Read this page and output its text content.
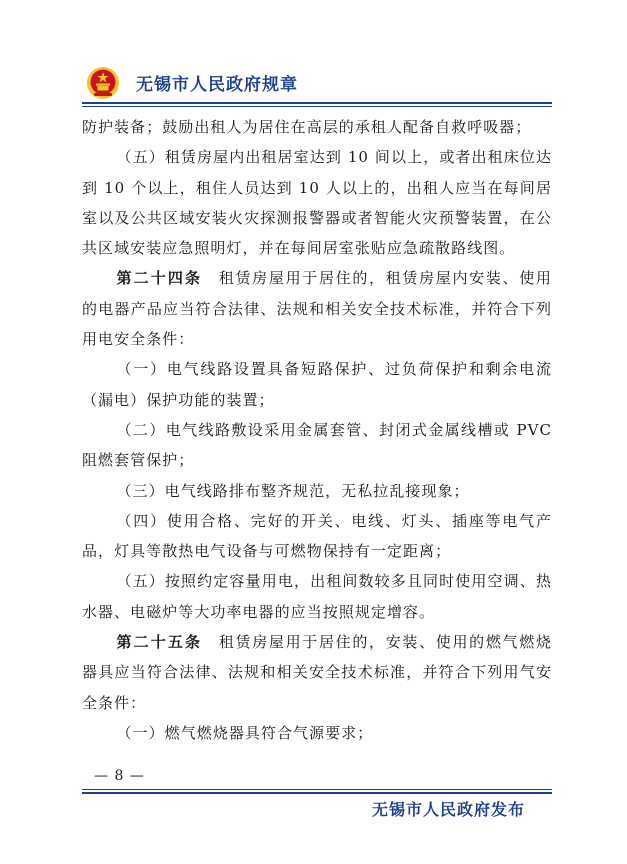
无锡市人民政府规章

防护装备；鼓励出租人为居住在高层的承租人配备自救呼吸器；

（五）租赁房屋内出租居室达到 10 间以上，或者出租床位达到 10 个以上，租住人员达到 10 人以上的，出租人应当在每间居室以及公共区域安装火灾探测报警器或者智能火灾预警装置，在公共区域安装应急照明灯，并在每间居室张贴应急疏散路线图。

第二十四条　租赁房屋用于居住的，租赁房屋内安装、使用的电器产品应当符合法律、法规和相关安全技术标准，并符合下列用电安全条件：

（一）电气线路设置具备短路保护、过负荷保护和剩余电流（漏电）保护功能的装置；

（二）电气线路敷设采用金属套管、封闭式金属线槽或 PVC 阻燃套管保护；

（三）电气线路排布整齐规范，无私拉乱接现象；

（四）使用合格、完好的开关、电线、灯头、插座等电气产品，灯具等散热电气设备与可燃物保持有一定距离；

（五）按照约定容量用电，出租间数较多且同时使用空调、热水器、电磁炉等大功率电器的应当按照规定增容。

第二十五条　租赁房屋用于居住的，安装、使用的燃气燃烧器具应当符合法律、法规和相关安全技术标准，并符合下列用气安全条件：

（一）燃气燃烧器具符合气源要求；

— 8 —
无锡市人民政府发布
